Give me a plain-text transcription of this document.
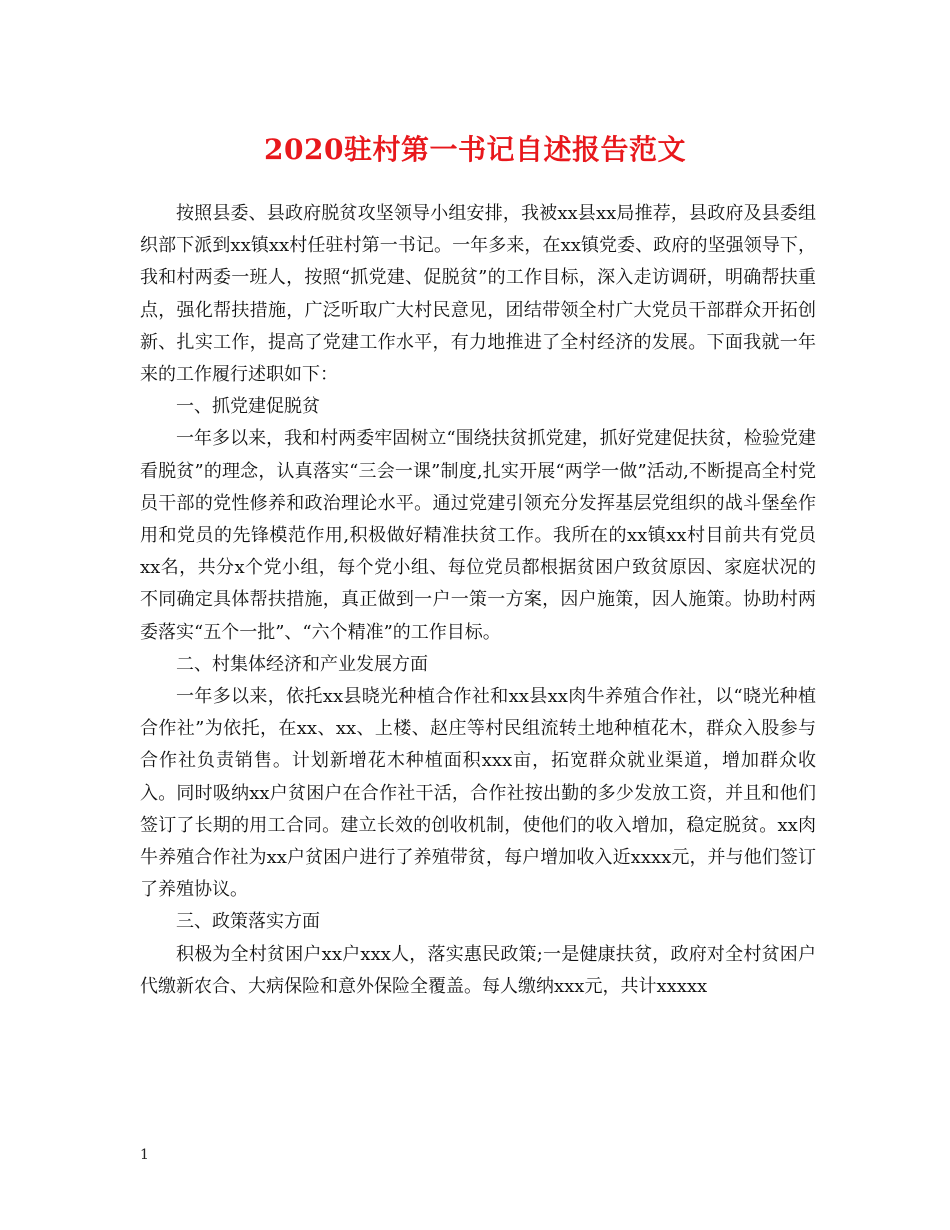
2020驻村第一书记自述报告范文

按照县委、县政府脱贫攻坚领导小组安排，我被xx县xx局推荐，县政府及县委组织部下派到xx镇xx村任驻村第一书记。一年多来，在xx镇党委、政府的坚强领导下，我和村两委一班人，按照“抓党建、促脱贫”的工作目标，深入走访调研，明确帮扶重点，强化帮扶措施，广泛听取广大村民意见，团结带领全村广大党员干部群众开拓创新、扎实工作，提高了党建工作水平，有力地推进了全村经济的发展。下面我就一年来的工作履行述职如下：

一、抓党建促脱贫

一年多以来，我和村两委牢固树立“围绕扶贫抓党建，抓好党建促扶贫，检验党建看脱贫”的理念，认真落实“三会一课”制度,扎实开展“两学一做”活动,不断提高全村党员干部的党性修养和政治理论水平。通过党建引领充分发挥基层党组织的战斗堡垒作用和党员的先锋模范作用,积极做好精准扶贫工作。我所在的xx镇xx村目前共有党员xx名，共分x个党小组，每个党小组、每位党员都根据贫困户致贫原因、家庭状况的不同确定具体帮扶措施，真正做到一户一策一方案，因户施策，因人施策。协助村两委落实“五个一批”、“六个精准”的工作目标。

二、村集体经济和产业发展方面

一年多以来，依托xx县晓光种植合作社和xx县xx肉牛养殖合作社，以“晓光种植合作社”为依托，在xx、xx、上楼、赵庄等村民组流转土地种植花木，群众入股参与合作社负责销售。计划新增花木种植面积xxx亩，拓宽群众就业渠道，增加群众收入。同时吸纳xx户贫困户在合作社干活，合作社按出勤的多少发放工资，并且和他们签订了长期的用工合同。建立长效的创收机制，使他们的收入增加，稳定脱贫。xx肉牛养殖合作社为xx户贫困户进行了养殖带贫，每户增加收入近xxxx元，并与他们签订了养殖协议。

三、政策落实方面

积极为全村贫困户xx户xxx人，落实惠民政策;一是健康扶贫，政府对全村贫困户代缴新农合、大病保险和意外保险全覆盖。每人缴纳xxx元，共计xxxxx

1
